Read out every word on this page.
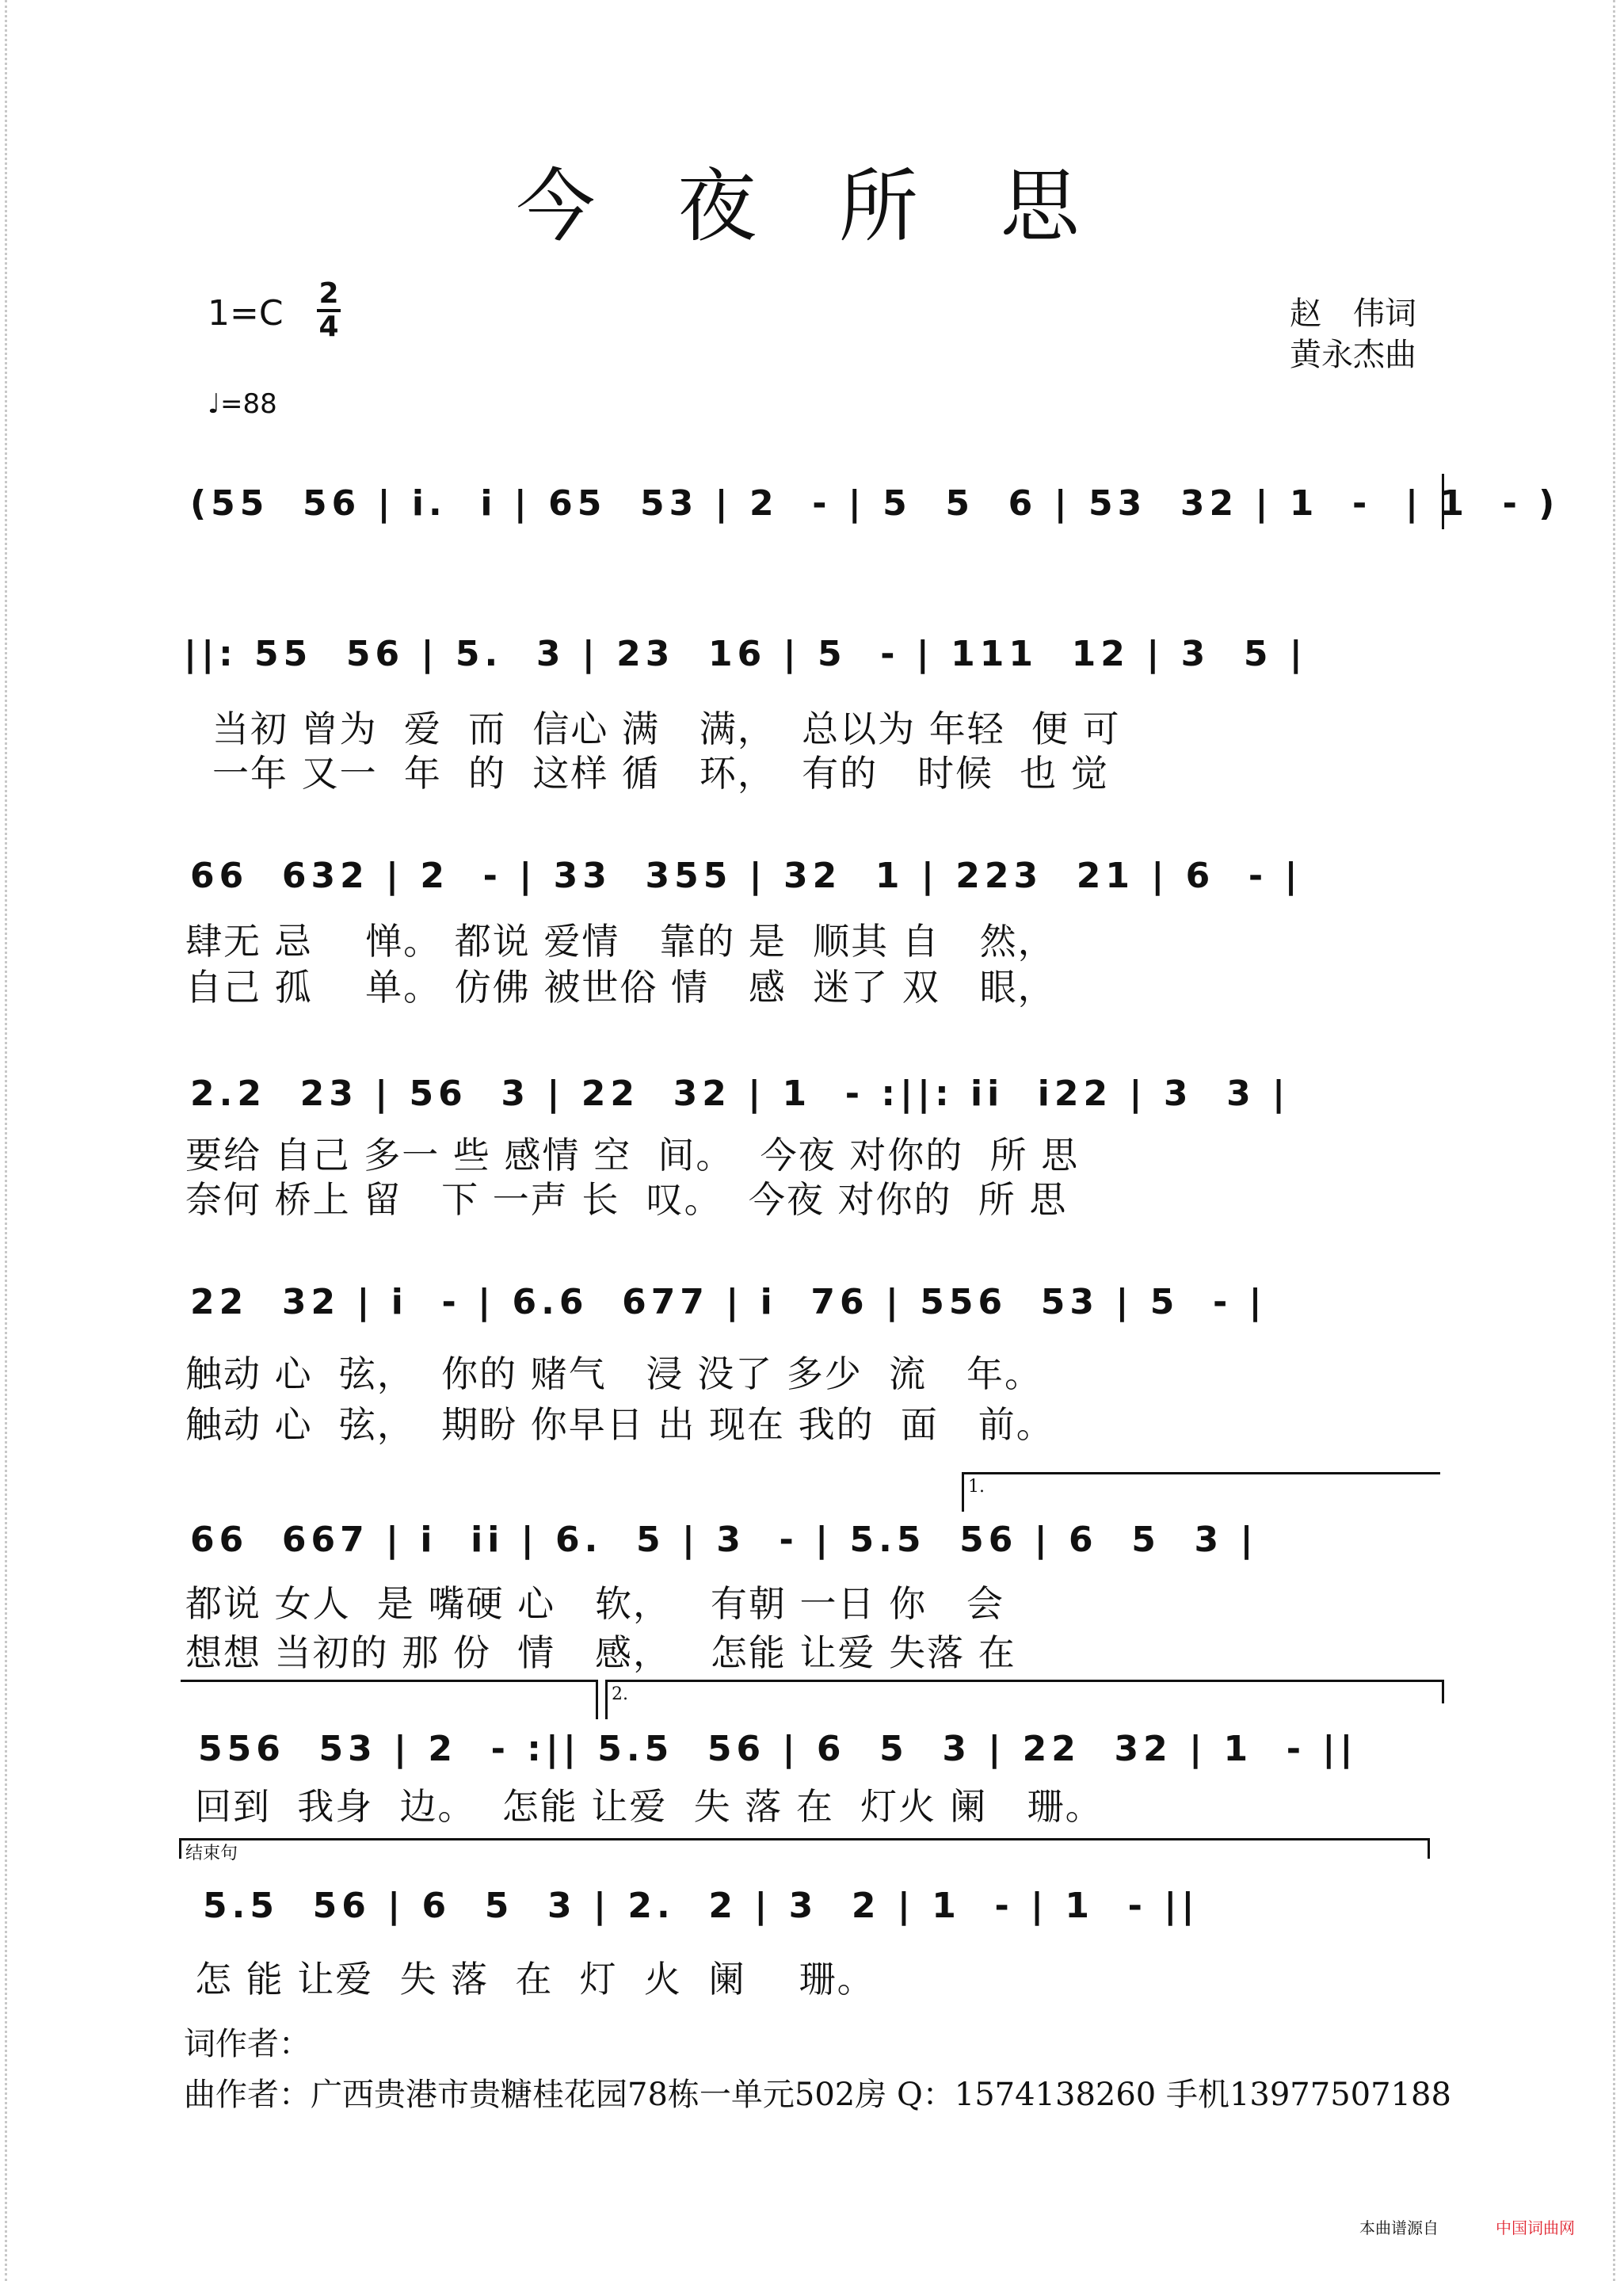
今 夜 所 思
1=C 2
4	赵　伟词
黄永杰曲
♩=88
(55  56 | i.  i | 65  53 | 2  - | 5  5  6 | 53  32 | 1  -  | 1  - )
||: 55  56 | 5.  3 | 23  16 | 5  - | 111  12 | 3  5 |
当初 曾为  爱  而  信心 满   满，  总以为 年轻  便 可
一年 又一  年  的  这样 循   环，  有的   时候  也 觉
66  632 | 2  - | 33  355 | 32  1 | 223  21 | 6  - |
肆无 忌    惮。 都说 爱情   靠的 是  顺其 自   然，
自己 孤    单。 仿佛 被世俗 情   感  迷了 双   眼，
2.2  23 | 56  3 | 22  32 | 1  - :||: ii  i22 | 3  3 |
要给 自己 多一 些 感情 空  间。  今夜 对你的  所 思
奈何 桥上 留   下 一声 长  叹。  今夜 对你的  所 思
22  32 | i  - | 6.6  677 | i  76 | 556  53 | 5  - |
触动 心  弦，  你的 赌气   浸 没了 多少  流   年。
触动 心  弦，  期盼 你早日 出 现在 我的  面   前。
1.
66  667 | i  ii | 6.  5 | 3  - | 5.5  56 | 6  5  3 |
都说 女人  是 嘴硬 心   软，   有朝 一日 你   会
想想 当初的 那 份  情   感，   怎能 让爱 失落 在
2.
556  53 | 2  - :|| 5.5  56 | 6  5  3 | 22  32 | 1  - ||
回到  我身  边。  怎能 让爱  失 落 在  灯火 阑   珊。
结束句
5.5  56 | 6  5  3 | 2.  2 | 3  2 | 1  - | 1  - ||
怎 能 让爱  失 落  在  灯  火  阑    珊。
词作者：
曲作者：广西贵港市贵糖桂花园78栋一单元502房 Q：1574138260 手机13977507188
本曲谱源自	中国词曲网
